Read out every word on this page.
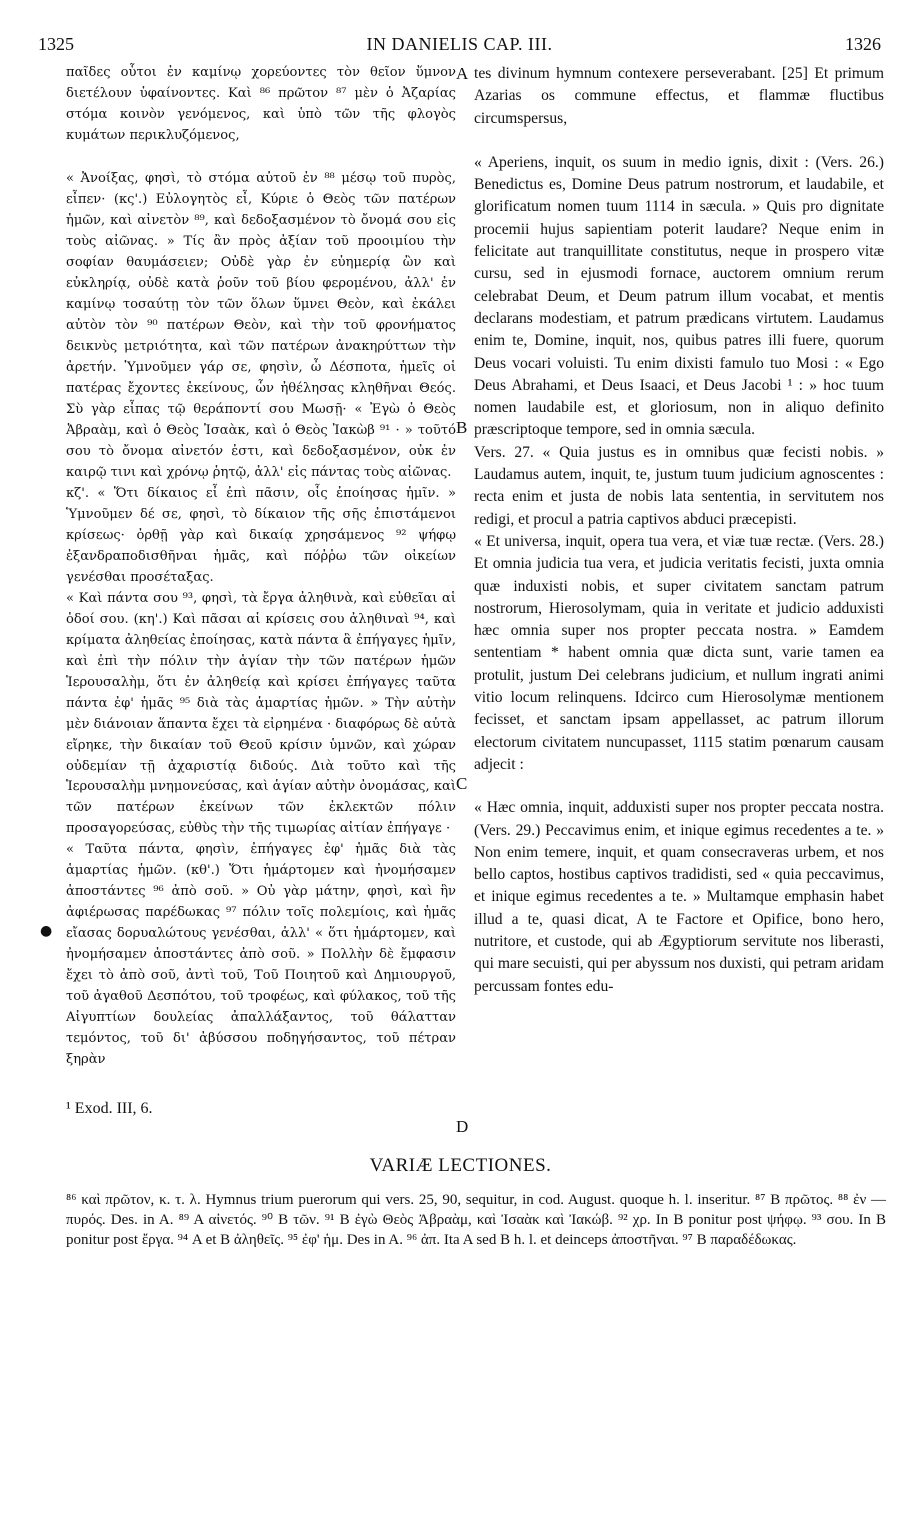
1325	IN DANIELIS CAP. III.	1326

παῖδες οὗτοι ἐν καμίνῳ χορεύοντες τὸν θεῖον ὕμνον διετέλουν ὑφαίνοντες. Καὶ ⁸⁶ πρῶτον ⁸⁷ μὲν ὁ Ἀζαρίας στόμα κοινὸν γενόμενος, καὶ ὑπὸ τῶν τῆς φλογὸς κυμάτων περικλυζόμενος,

« Ἀνοίξας, φησὶ, τὸ στόμα αὐτοῦ ἐν ⁸⁸ μέσῳ τοῦ πυρὸς, εἶπεν· (κς'.) Εὐλογητὸς εἶ, Κύριε ὁ Θεὸς τῶν πατέρων ἡμῶν, καὶ αἰνετὸν ⁸⁹, καὶ δεδοξασμένον τὸ ὄνομά σου εἰς τοὺς αἰῶνας. » Τίς ἂν πρὸς ἀξίαν τοῦ προοιμίου τὴν σοφίαν θαυμάσειεν; Οὐδὲ γὰρ ἐν εὐημερίᾳ ὢν καὶ εὐκληρίᾳ, οὐδὲ κατὰ ῥοῦν τοῦ βίου φερομένου, ἀλλ' ἐν καμίνῳ τοσαύτῃ τὸν τῶν ὅλων ὕμνει Θεὸν, καὶ ἐκάλει αὐτὸν τὸν ⁹⁰ πατέρων Θεὸν, καὶ τὴν τοῦ φρονήματος δεικνὺς μετριότητα, καὶ τῶν πατέρων ἀνακηρύττων τὴν ἀρετήν. Ὑμνοῦμεν γάρ σε, φησὶν, ὦ Δέσποτα, ἡμεῖς οἱ πατέρας ἔχοντες ἐκείνους, ὧν ἠθέλησας κληθῆναι Θεός. Σὺ γὰρ εἶπας τῷ θεράποντί σου Μωσῇ· « Ἐγὼ ὁ Θεὸς Ἀβραὰμ, καὶ ὁ Θεὸς Ἰσαὰκ, καὶ ὁ Θεὸς Ἰακὼβ ⁹¹ · » τοῦτό σου τὸ ὄνομα αἰνετόν ἐστι, καὶ δεδοξασμένον, οὐκ ἐν καιρῷ τινι καὶ χρόνῳ ῥητῷ, ἀλλ' εἰς πάντας τοὺς αἰῶνας.

κζ'. « Ὅτι δίκαιος εἶ ἐπὶ πᾶσιν, οἷς ἐποίησας ἡμῖν. » Ὑμνοῦμεν δέ σε, φησὶ, τὸ δίκαιον τῆς σῆς ἐπιστάμενοι κρίσεως· ὀρθῇ γὰρ καὶ δικαίᾳ χρησάμενος ⁹² ψήφῳ ἐξανδραποδισθῆναι ἡμᾶς, καὶ πόῤῥω τῶν οἰκείων γενέσθαι προσέταξας.

« Καὶ πάντα σου ⁹³, φησὶ, τὰ ἔργα ἀληθινὰ, καὶ εὐθεῖαι αἱ ὁδοί σου. (κη'.) Καὶ πᾶσαι αἱ κρίσεις σου ἀληθιναὶ ⁹⁴, καὶ κρίματα ἀληθείας ἐποίησας, κατὰ πάντα ἃ ἐπήγαγες ἡμῖν, καὶ ἐπὶ τὴν πόλιν τὴν ἁγίαν τὴν τῶν πατέρων ἡμῶν Ἱερουσαλὴμ, ὅτι ἐν ἀληθείᾳ καὶ κρίσει ἐπήγαγες ταῦτα πάντα ἐφ' ἡμᾶς ⁹⁵ διὰ τὰς ἁμαρτίας ἡμῶν. » Τὴν αὐτὴν μὲν διάνοιαν ἅπαντα ἔχει τὰ εἰρημένα · διαφόρως δὲ αὐτὰ εἴρηκε, τὴν δικαίαν τοῦ Θεοῦ κρίσιν ὑμνῶν, καὶ χώραν οὐδεμίαν τῇ ἀχαριστίᾳ διδούς. Διὰ τοῦτο καὶ τῆς Ἱερουσαλὴμ μνημονεύσας, καὶ ἁγίαν αὐτὴν ὀνομάσας, καὶ τῶν πατέρων ἐκείνων τῶν ἐκλεκτῶν πόλιν προσαγορεύσας, εὐθὺς τὴν τῆς τιμωρίας αἰτίαν ἐπήγαγε ·

« Ταῦτα πάντα, φησὶν, ἐπήγαγες ἐφ' ἡμᾶς διὰ τὰς ἁμαρτίας ἡμῶν. (κθ'.) Ὅτι ἡμάρτομεν καὶ ἠνομήσαμεν ἀποστάντες ⁹⁶ ἀπὸ σοῦ. » Οὐ γὰρ μάτην, φησὶ, καὶ ἣν ἀφιέρωσας παρέδωκας ⁹⁷ πόλιν τοῖς πολεμίοις, καὶ ἡμᾶς εἴασας δορυαλώτους γενέσθαι, ἀλλ' « ὅτι ἡμάρτομεν, καὶ ἠνομήσαμεν ἀποστάντες ἀπὸ σοῦ. » Πολλὴν δὲ ἔμφασιν ἔχει τὸ ἀπὸ σοῦ, ἀντὶ τοῦ, Τοῦ Ποιητοῦ καὶ Δημιουργοῦ, τοῦ ἀγαθοῦ Δεσπότου, τοῦ τροφέως, καὶ φύλακος, τοῦ τῆς Αἰγυπτίων δουλείας ἀπαλλάξαντος, τοῦ θάλατταν τεμόντος, τοῦ δι' ἀβύσσου ποδηγήσαντος, τοῦ πέτραν ξηρὰν

tes divinum hymnum contexere perseverabant. [25] Et primum Azarias os commune effectus, et flammæ fluctibus circumspersus,

« Aperiens, inquit, os suum in medio ignis, dixit : (Vers. 26.) Benedictus es, Domine Deus patrum nostrorum, et laudabile, et glorificatum nomen tuum 1114 in sæcula. » Quis pro dignitate procemii hujus sapientiam poterit laudare? Neque enim in felicitate aut tranquillitate constitutus, neque in prospero vitæ cursu, sed in ejusmodi fornace, auctorem omnium rerum celebrabat Deum, et Deum patrum illum vocabat, et mentis declarans modestiam, et patrum prædicans virtutem. Laudamus enim te, Domine, inquit, nos, quibus patres illi fuere, quorum Deus vocari voluisti. Tu enim dixisti famulo tuo Mosi : « Ego Deus Abrahami, et Deus Isaaci, et Deus Jacobi ¹ : » hoc tuum nomen laudabile est, et gloriosum, non in aliquo definito præscriptoque tempore, sed in omnia sæcula.

Vers. 27. « Quia justus es in omnibus quæ fecisti nobis. » Laudamus autem, inquit, te, justum tuum judicium agnoscentes : recta enim et justa de nobis lata sententia, in servitutem nos redigi, et procul a patria captivos abduci præcepisti.

« Et universa, inquit, opera tua vera, et viæ tuæ rectæ. (Vers. 28.) Et omnia judicia tua vera, et judicia veritatis fecisti, juxta omnia quæ induxisti nobis, et super civitatem sanctam patrum nostrorum, Hierosolymam, quia in veritate et judicio adduxisti hæc omnia super nos propter peccata nostra. » Eamdem sententiam * habent omnia quæ dicta sunt, varie tamen ea protulit, justum Dei celebrans judicium, et nullum ingrati animi vitio locum relinquens. Idcirco cum Hierosolymæ mentionem fecisset, et sanctam ipsam appellasset, ac patrum illorum electorum civitatem nuncupasset, 1115 statim pœnarum causam adjecit :

« Hæc omnia, inquit, adduxisti super nos propter peccata nostra. (Vers. 29.) Peccavimus enim, et inique egimus recedentes a te. » Non enim temere, inquit, et quam consecraveras urbem, et nos bello captos, hostibus captivos tradidisti, sed « quia peccavimus, et inique egimus recedentes a te. » Multamque emphasin habet illud a te, quasi dicat, A te Factore et Opifice, bono hero, nutritore, et custode, qui ab Ægyptiorum servitute nos liberasti, qui mare secuisti, qui per abyssum nos duxisti, qui petram aridam percussam fontes edu-

A
B
C
D
●
¹ Exod. III, 6.
VARIÆ LECTIONES.
⁸⁶ καὶ πρῶτον, κ. τ. λ. Hymnus trium puerorum qui vers. 25, 90, sequitur, in cod. August. quoque h. l. inseritur. ⁸⁷ B πρῶτος. ⁸⁸ ἐν — πυρός. Des. in A. ⁸⁹ A αἰνετός. ⁹⁰ B τῶν. ⁹¹ B ἐγὼ Θεὸς Ἀβραὰμ, καὶ Ἰσαὰκ καὶ Ἰακώβ. ⁹² χρ. In B ponitur post ψήφῳ. ⁹³ σου. In B ponitur post ἔργα. ⁹⁴ A et B ἀληθεῖς. ⁹⁵ ἐφ' ἡμ. Des in A. ⁹⁶ ἀπ. Ita A sed B h. l. et deinceps ἀποστῆναι. ⁹⁷ B παραδέδωκας.
